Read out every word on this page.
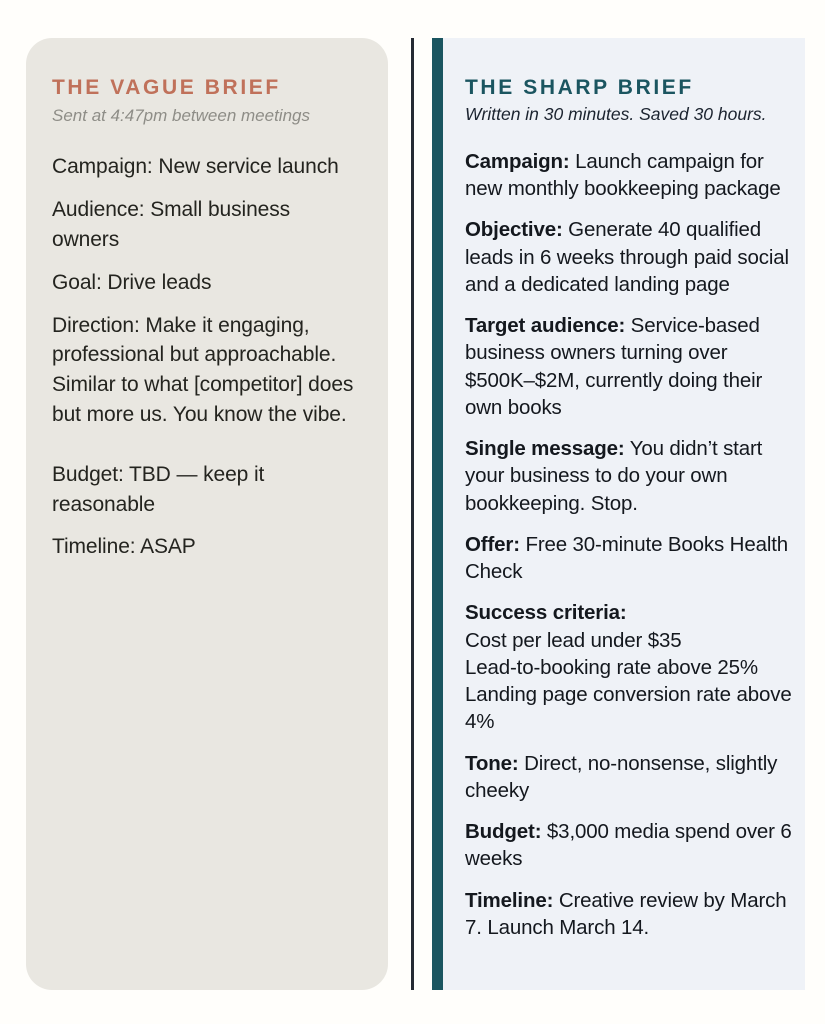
THE VAGUE BRIEF
Sent at 4:47pm between meetings

Campaign: New service launch

Audience: Small business owners

Goal: Drive leads

Direction: Make it engaging, professional but approachable. Similar to what [competitor] does but more us. You know the vibe.

Budget: TBD — keep it reasonable

Timeline: ASAP

THE SHARP BRIEF
Written in 30 minutes. Saved 30 hours.

Campaign: Launch campaign for new monthly bookkeeping package

Objective: Generate 40 qualified leads in 6 weeks through paid social and a dedicated landing page

Target audience: Service-based business owners turning over $500K–$2M, currently doing their own books

Single message: You didn’t start your business to do your own bookkeeping. Stop.

Offer: Free 30-minute Books Health Check

Success criteria:
Cost per lead under $35
Lead-to-booking rate above 25%
Landing page conversion rate above 4%

Tone: Direct, no-nonsense, slightly cheeky

Budget: $3,000 media spend over 6 weeks

Timeline: Creative review by March 7. Launch March 14.
